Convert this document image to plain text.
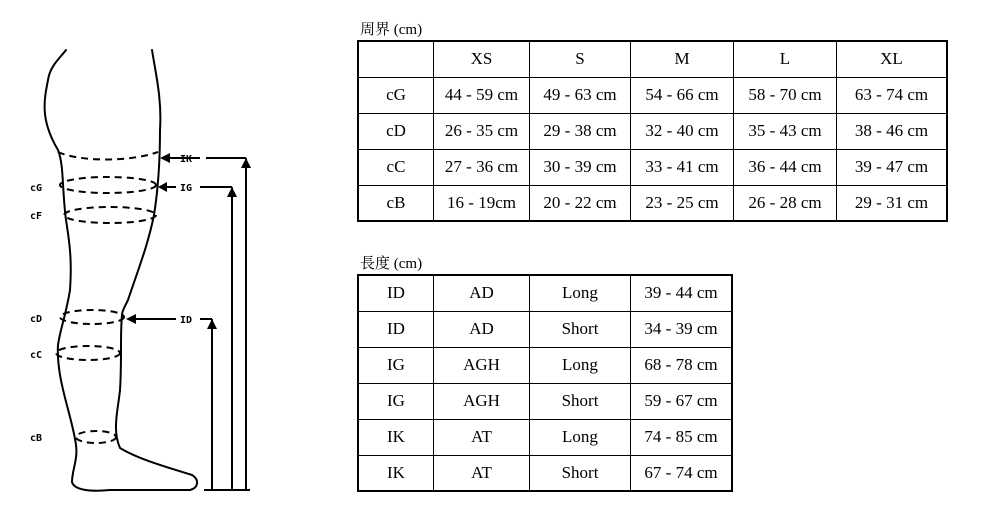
cG
cF
cD
cC
cB
IK
IG
ID
周界 (cm)
	XS	S	M	L	XL
cG	44 - 59 cm	49 - 63 cm	54 - 66 cm	58 - 70 cm	63 - 74 cm
cD	26 - 35 cm	29 - 38 cm	32 - 40 cm	35 - 43 cm	38 - 46 cm
cC	27 - 36 cm	30 - 39 cm	33 - 41 cm	36 - 44 cm	39 - 47 cm
cB	16 - 19cm	20 - 22 cm	23 - 25 cm	26 - 28 cm	29 - 31 cm
長度 (cm)
ID	AD	Long	39 - 44 cm
ID	AD	Short	34 - 39 cm
IG	AGH	Long	68 - 78 cm
IG	AGH	Short	59 - 67 cm
IK	AT	Long	74 - 85 cm
IK	AT	Short	67 - 74 cm
